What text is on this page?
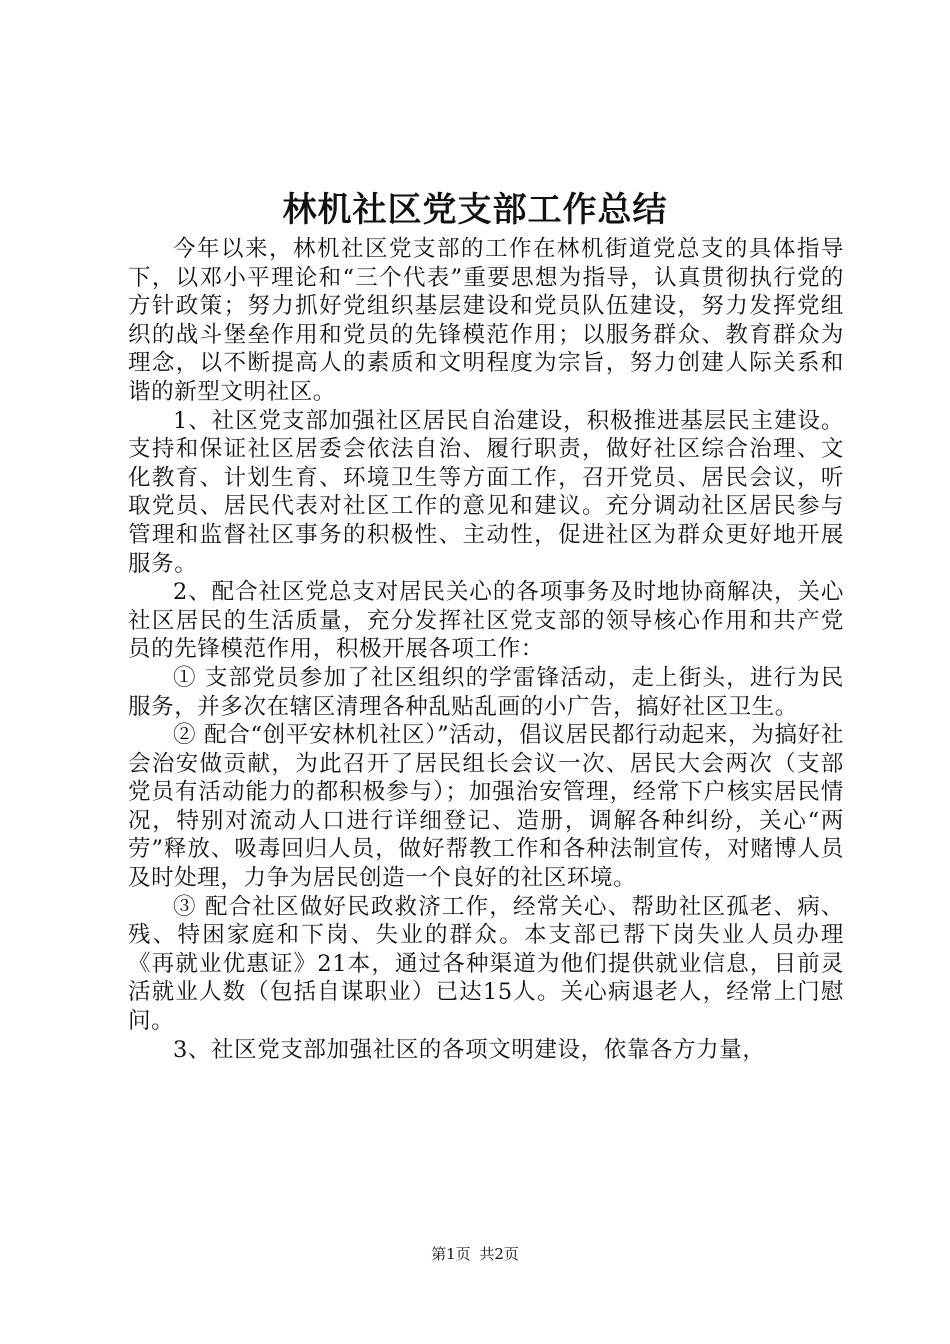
林机社区党支部工作总结

今年以来，林机社区党支部的工作在林机街道党总支的具体指导下，以邓小平理论和“三个代表”重要思想为指导，认真贯彻执行党的方针政策；努力抓好党组织基层建设和党员队伍建设，努力发挥党组织的战斗堡垒作用和党员的先锋模范作用；以服务群众、教育群众为理念，以不断提高人的素质和文明程度为宗旨，努力创建人际关系和谐的新型文明社区。

1、社区党支部加强社区居民自治建设，积极推进基层民主建设。支持和保证社区居委会依法自治、履行职责，做好社区综合治理、文化教育、计划生育、环境卫生等方面工作，召开党员、居民会议，听取党员、居民代表对社区工作的意见和建议。充分调动社区居民参与管理和监督社区事务的积极性、主动性，促进社区为群众更好地开展服务。

2、配合社区党总支对居民关心的各项事务及时地协商解决，关心社区居民的生活质量，充分发挥社区党支部的领导核心作用和共产党员的先锋模范作用，积极开展各项工作：

① 支部党员参加了社区组织的学雷锋活动，走上街头，进行为民服务，并多次在辖区清理各种乱贴乱画的小广告，搞好社区卫生。

② 配合“创平安林机社区）”活动，倡议居民都行动起来，为搞好社会治安做贡献，为此召开了居民组长会议一次、居民大会两次（支部党员有活动能力的都积极参与）；加强治安管理，经常下户核实居民情况，特别对流动人口进行详细登记、造册，调解各种纠纷，关心“两劳”释放、吸毒回归人员，做好帮教工作和各种法制宣传，对赌博人员及时处理，力争为居民创造一个良好的社区环境。

③ 配合社区做好民政救济工作，经常关心、帮助社区孤老、病、残、特困家庭和下岗、失业的群众。本支部已帮下岗失业人员办理《再就业优惠证》21本，通过各种渠道为他们提供就业信息，目前灵活就业人数（包括自谋职业）已达15人。关心病退老人，经常上门慰问。

3、社区党支部加强社区的各项文明建设，依靠各方力量，

第1页 共2页
